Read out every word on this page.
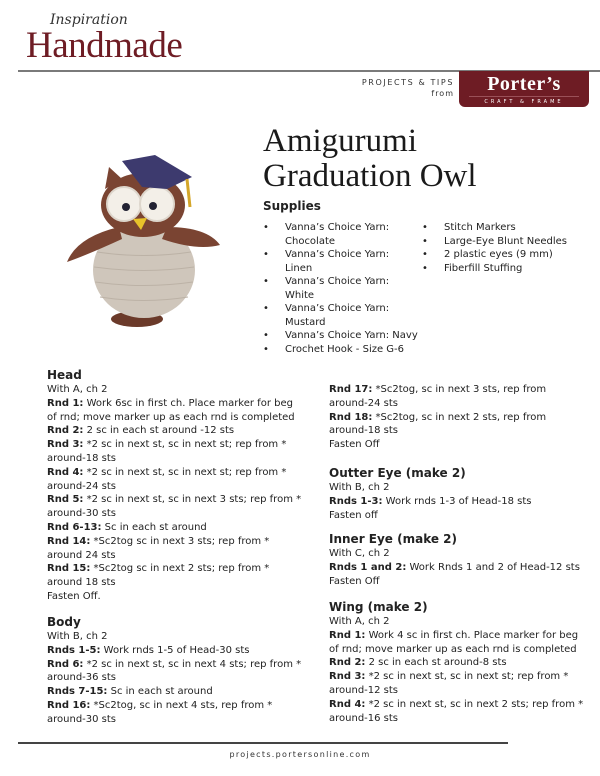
Inspiration
Handmade
PROJECTS & TIPS
from	Porter’s
CRAFT & FRAME
Amigurumi
Graduation Owl
Supplies
• Vanna’s Choice Yarn: Chocolate
• Vanna’s Choice Yarn: Linen
• Vanna’s Choice Yarn: White
• Vanna’s Choice Yarn: Mustard
• Vanna’s Choice Yarn: Navy
• Crochet Hook - Size G-6
• Stitch Markers
• Large-Eye Blunt Needles
• 2 plastic eyes (9 mm)
• Fiberfill Stuffing
Head

With A, ch 2

Rnd 1: Work 6sc in first ch. Place marker for beg of rnd; move marker up as each rnd is completed

Rnd 2: 2 sc in each st around -12 sts

Rnd 3: *2 sc in next st, sc in next st; rep from * around-18 sts

Rnd 4: *2 sc in next st, sc in next st; rep from * around-24 sts

Rnd 5: *2 sc in next st, sc in next 3 sts; rep from * around-30 sts

Rnd 6-13: Sc in each st around

Rnd 14: *Sc2tog sc in next 3 sts; rep from * around 24 sts

Rnd 15: *Sc2tog sc in next 2 sts; rep from * around 18 sts

Fasten Off.

Body

With B, ch 2

Rnds 1-5: Work rnds 1-5 of Head-30 sts

Rnd 6: *2 sc in next st, sc in next 4 sts; rep from * around-36 sts

Rnds 7-15: Sc in each st around

Rnd 16: *Sc2tog, sc in next 4 sts, rep from * around-30 sts

Rnd 17: *Sc2tog, sc in next 3 sts, rep from around-24 sts

Rnd 18: *Sc2tog, sc in next 2 sts, rep from around-18 sts

Fasten Off

Outter Eye (make 2)

With B, ch 2

Rnds 1-3: Work rnds 1-3 of Head-18 sts

Fasten off

Inner Eye (make 2)

With C, ch 2

Rnds 1 and 2: Work Rnds 1 and 2 of Head-12 sts

Fasten Off

Wing (make 2)

With A, ch 2

Rnd 1: Work 4 sc in first ch. Place marker for beg of rnd; move marker up as each rnd is completed

Rnd 2: 2 sc in each st around-8 sts

Rnd 3: *2 sc in next st, sc in next st; rep from * around-12 sts

Rnd 4: *2 sc in next st, sc in next 2 sts; rep from * around-16 sts

projects.portersonline.com
